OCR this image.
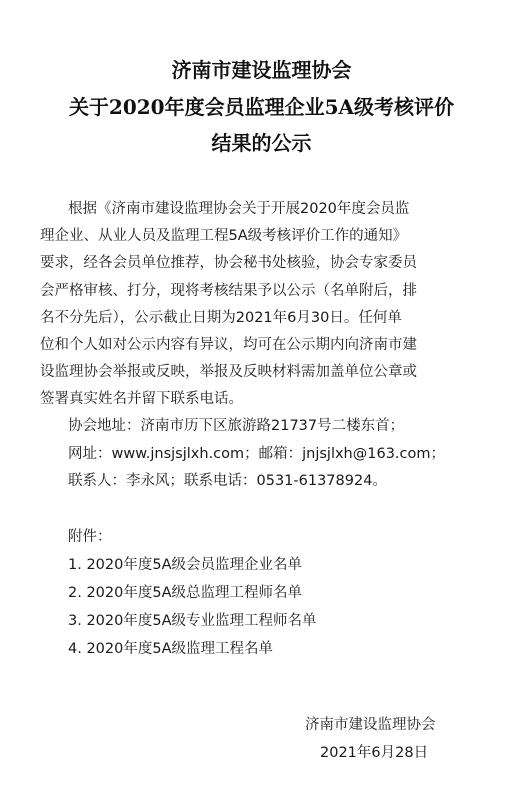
济南市建设监理协会
关于2020年度会员监理企业5A级考核评价
结果的公示
根据《济南市建设监理协会关于开展2020年度会员监
理企业、从业人员及监理工程5A级考核评价工作的通知》
要求，经各会员单位推荐，协会秘书处核验，协会专家委员
会严格审核、打分，现将考核结果予以公示（名单附后，排
名不分先后），公示截止日期为2021年6月30日。任何单
位和个人如对公示内容有异议，均可在公示期内向济南市建
设监理协会举报或反映，举报及反映材料需加盖单位公章或
签署真实姓名并留下联系电话。
协会地址：济南市历下区旅游路21737号二楼东首；
网址：www.jnsjsjlxh.com；邮箱：jnjsjlxh@163.com；
联系人：李永风；联系电话：0531-61378924。
附件：
1. 2020年度5A级会员监理企业名单
2. 2020年度5A级总监理工程师名单
3. 2020年度5A级专业监理工程师名单
4. 2020年度5A级监理工程名单
济南市建设监理协会
2021年6月28日
